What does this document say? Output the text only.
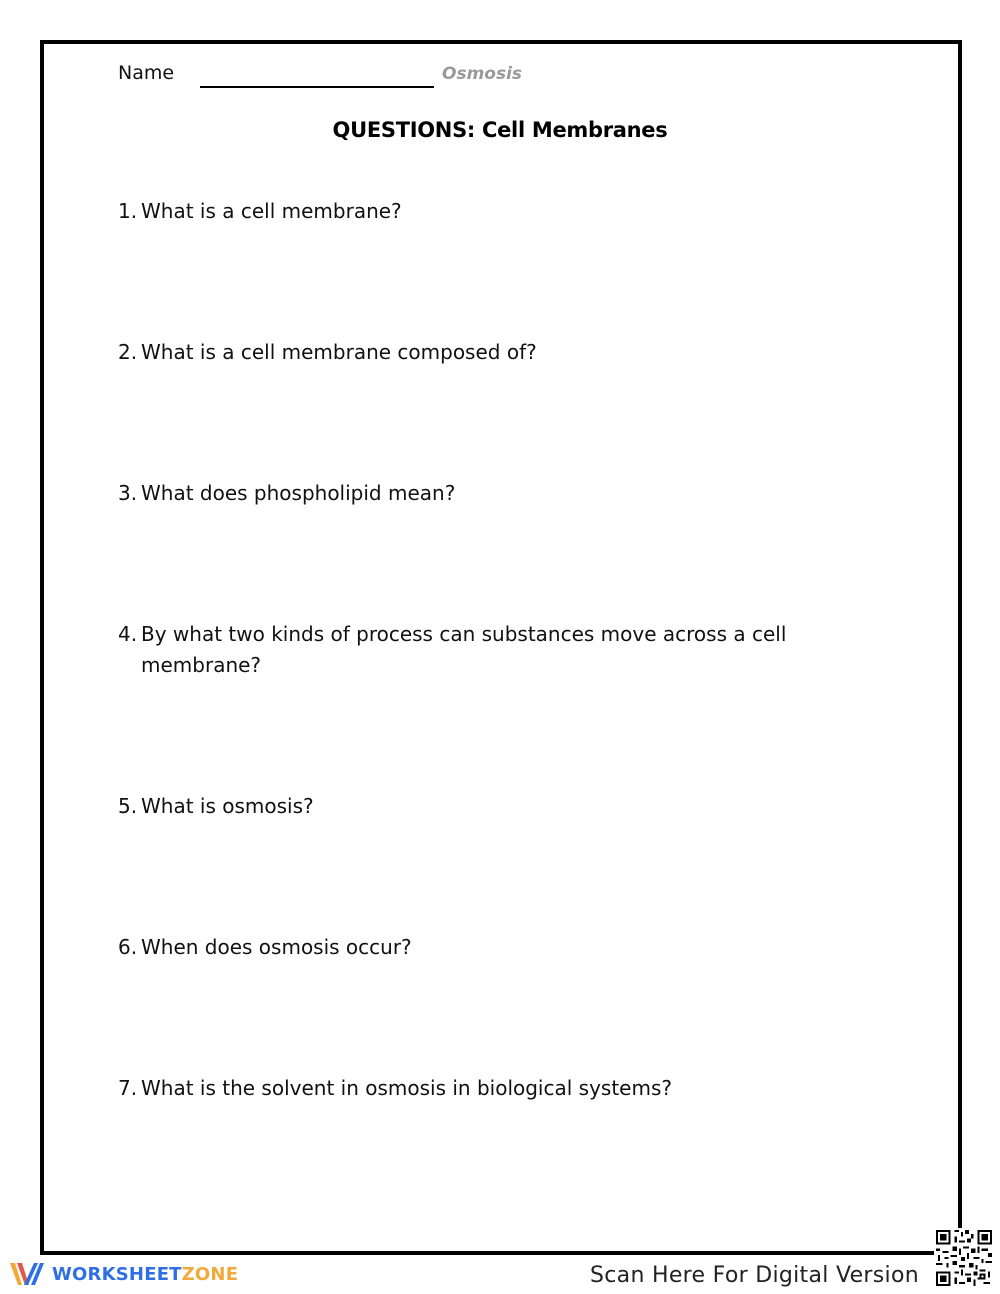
Name	Osmosis
QUESTIONS: Cell Membranes
1. What is a cell membrane?
2. What is a cell membrane composed of?
3. What does phospholipid mean?
4. By what two kinds of process can substances move across a cell
membrane?
5. What is osmosis?
6. When does osmosis occur?
7. What is the solvent in osmosis in biological systems?
WORKSHEETZONE	Scan Here For Digital Version
